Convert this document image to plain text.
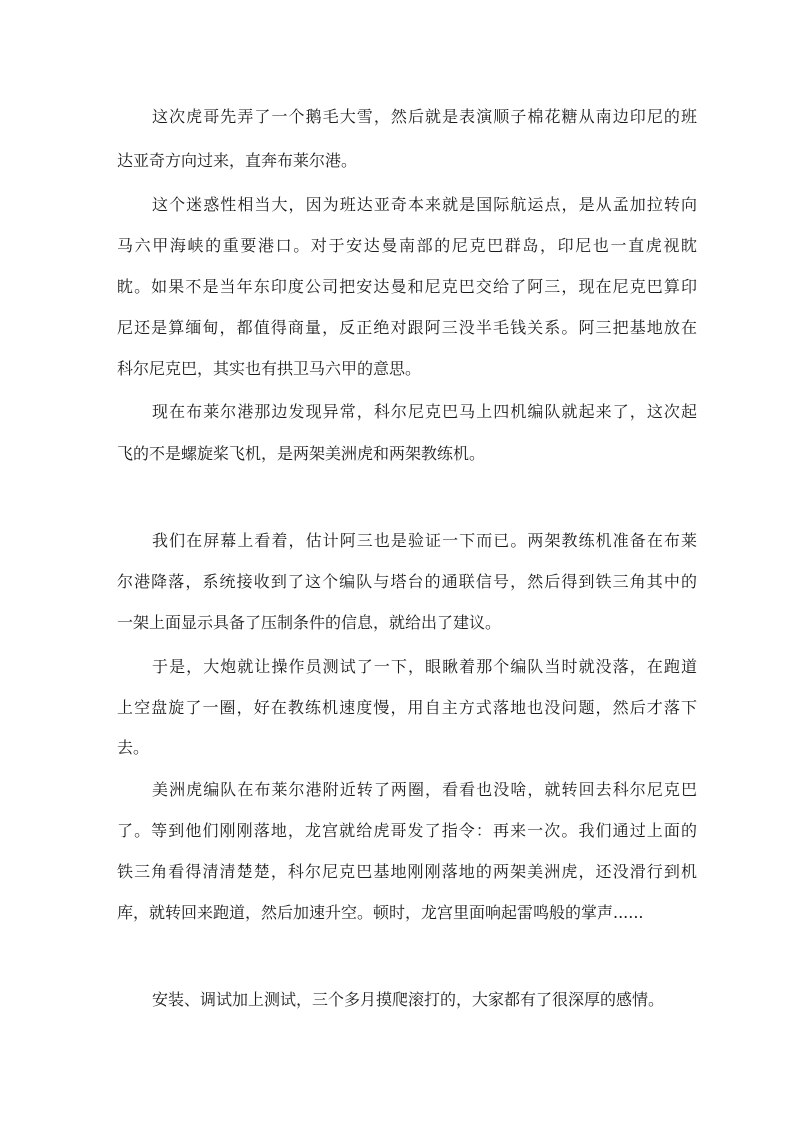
这次虎哥先弄了一个鹅毛大雪，然后就是表演顺子棉花糖从南边印尼的班
达亚奇方向过来，直奔布莱尔港。
这个迷惑性相当大，因为班达亚奇本来就是国际航运点，是从孟加拉转向
马六甲海峡的重要港口。对于安达曼南部的尼克巴群岛，印尼也一直虎视眈
眈。如果不是当年东印度公司把安达曼和尼克巴交给了阿三，现在尼克巴算印
尼还是算缅甸，都值得商量，反正绝对跟阿三没半毛钱关系。阿三把基地放在
科尔尼克巴，其实也有拱卫马六甲的意思。
现在布莱尔港那边发现异常，科尔尼克巴马上四机编队就起来了，这次起
飞的不是螺旋桨飞机，是两架美洲虎和两架教练机。
我们在屏幕上看着，估计阿三也是验证一下而已。两架教练机准备在布莱
尔港降落，系统接收到了这个编队与塔台的通联信号，然后得到铁三角其中的
一架上面显示具备了压制条件的信息，就给出了建议。
于是，大炮就让操作员测试了一下，眼瞅着那个编队当时就没落，在跑道
上空盘旋了一圈，好在教练机速度慢，用自主方式落地也没问题，然后才落下
去。
美洲虎编队在布莱尔港附近转了两圈，看看也没啥，就转回去科尔尼克巴
了。等到他们刚刚落地，龙宫就给虎哥发了指令：再来一次。我们通过上面的
铁三角看得清清楚楚，科尔尼克巴基地刚刚落地的两架美洲虎，还没滑行到机
库，就转回来跑道，然后加速升空。顿时，龙宫里面响起雷鸣般的掌声......
安装、调试加上测试，三个多月摸爬滚打的，大家都有了很深厚的感情。
